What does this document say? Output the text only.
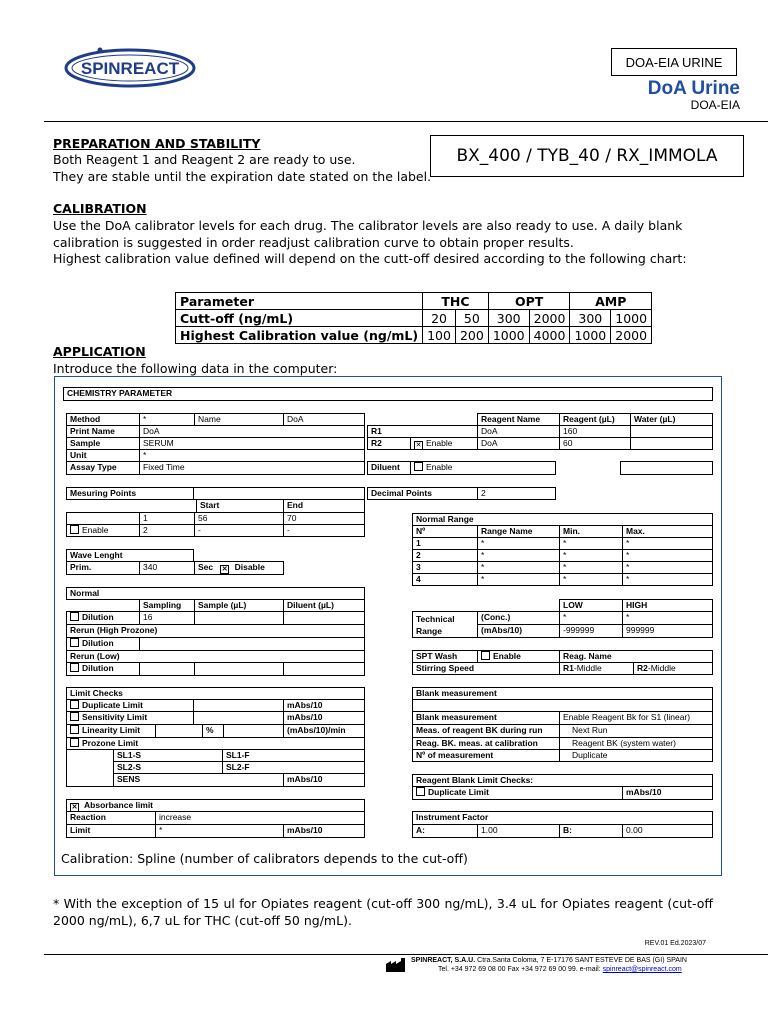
SPINREACT	DOA-EIA URINE
DoA Urine
DOA-EIA
PREPARATION AND STABILITY
Both Reagent 1 and Reagent 2 are ready to use.
They are stable until the expiration date stated on the label.
BX_400 / TYB_40 / RX_IMMOLA
CALIBRATION
Use the DoA calibrator levels for each drug. The calibrator levels are also ready to use. A daily blank calibration is suggested in order readjust calibration curve to obtain proper results.
Highest calibration value defined will depend on the cutt-off desired according to the following chart:
Parameter	THC		OPT		AMP	
Cutt-off (ng/mL)	20	50	300	2000	300	1000
Highest Calibration value (ng/mL)	100	200	1000	4000	1000	2000
APPLICATION
Introduce the following data in the computer:
CHEMISTRY PARAMETER
Method	*	Name	DoA	Reagent Name	Reagent (µL)	Water (µL)
Print Name	DoA	R1	DoA	160
Sample	SERUM	R2	✕ Enable	DoA	60
Unit	*
Assay Type	Fixed Time	Diluent	Enable
Mesuring Points	Decimal Points	2
Start	End
1	56	70
Enable	2	-	-
Normal Range
Nº	Range Name	Min.	Max.
1	*	*	*
2	*	*	*
3	*	*	*
4	*	*	*
Wave Lenght
Prim.	340	Sec ✕ Disable
Normal
Sampling	Sample (µL)	Diluent (µL)
Dilution	16
Rerun (High Prozone)
Dilution
Rerun (Low)
Dilution
LOW	HIGH
Technical
Range
(Conc.)	*	*
(mAbs/10)	-999999	999999
SPT Wash	Enable	Reag. Name
Stirring Speed	R1-Middle	R2-Middle
Limit Checks
Duplicate Limit	mAbs/10
Sensitivity Limit	mAbs/10
Linearity Limit	%	(mAbs/10)/min
Prozone Limit
SL1-S	SL1-F
SL2-S	SL2-F
SENS	mAbs/10
Blank measurement
Blank measurement	Enable Reagent Bk for S1 (linear)
Meas. of reagent BK during run	Next Run
Reag. BK. meas. at calibration	Reagent BK (system water)
Nº of measurement	Duplicate
Reagent Blank Limit Checks:
Duplicate Limit	mAbs/10
✕ Absorbance limit
Reaction	increase
Limit	*	mAbs/10
Instrument Factor
A:	1.00	B:	0.00
Calibration: Spline (number of calibrators depends to the cut-off)
* With the exception of 15 ul for Opiates reagent (cut-off 300 ng/mL), 3.4 uL for Opiates reagent (cut-off 2000 ng/mL), 6,7 uL for THC (cut-off 50 ng/mL).
REV.01 Ed.2023/07
SPINREACT, S.A.U. Ctra.Santa Coloma, 7 E-17176 SANT ESTEVE DE BAS (GI) SPAIN
Tel. +34 972 69 08 00 Fax +34 972 69 00 99. e-mail: spinreact@spinreact.com
